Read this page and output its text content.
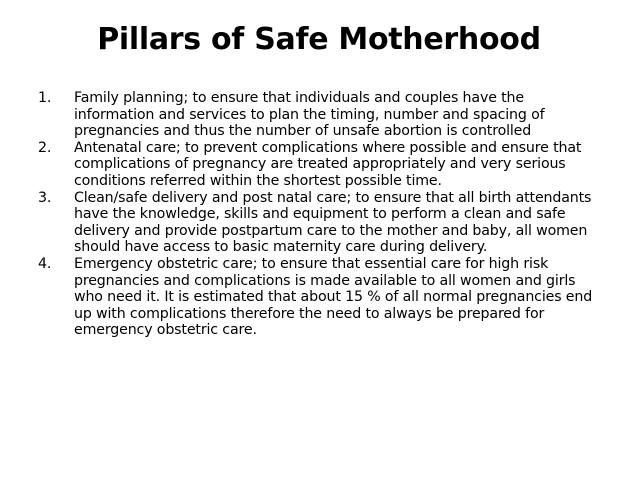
Pillars of Safe Motherhood
1. Family planning; to ensure that individuals and couples have the information and services to plan the timing, number and spacing of pregnancies and thus the number of unsafe abortion is controlled
2. Antenatal care; to prevent complications where possible and ensure that complications of pregnancy are treated appropriately and very serious conditions referred within the shortest possible time.
3. Clean/safe delivery and post natal care; to ensure that all birth attendants have the knowledge, skills and equipment to perform a clean and safe delivery and provide postpartum care to the mother and baby, all women should have access to basic maternity care during delivery.
4. Emergency obstetric care; to ensure that essential care for high risk pregnancies and complications is made available to all women and girls who need it. It is estimated that about 15 % of all normal pregnancies end up with complications therefore the need to always be prepared for emergency obstetric care.
